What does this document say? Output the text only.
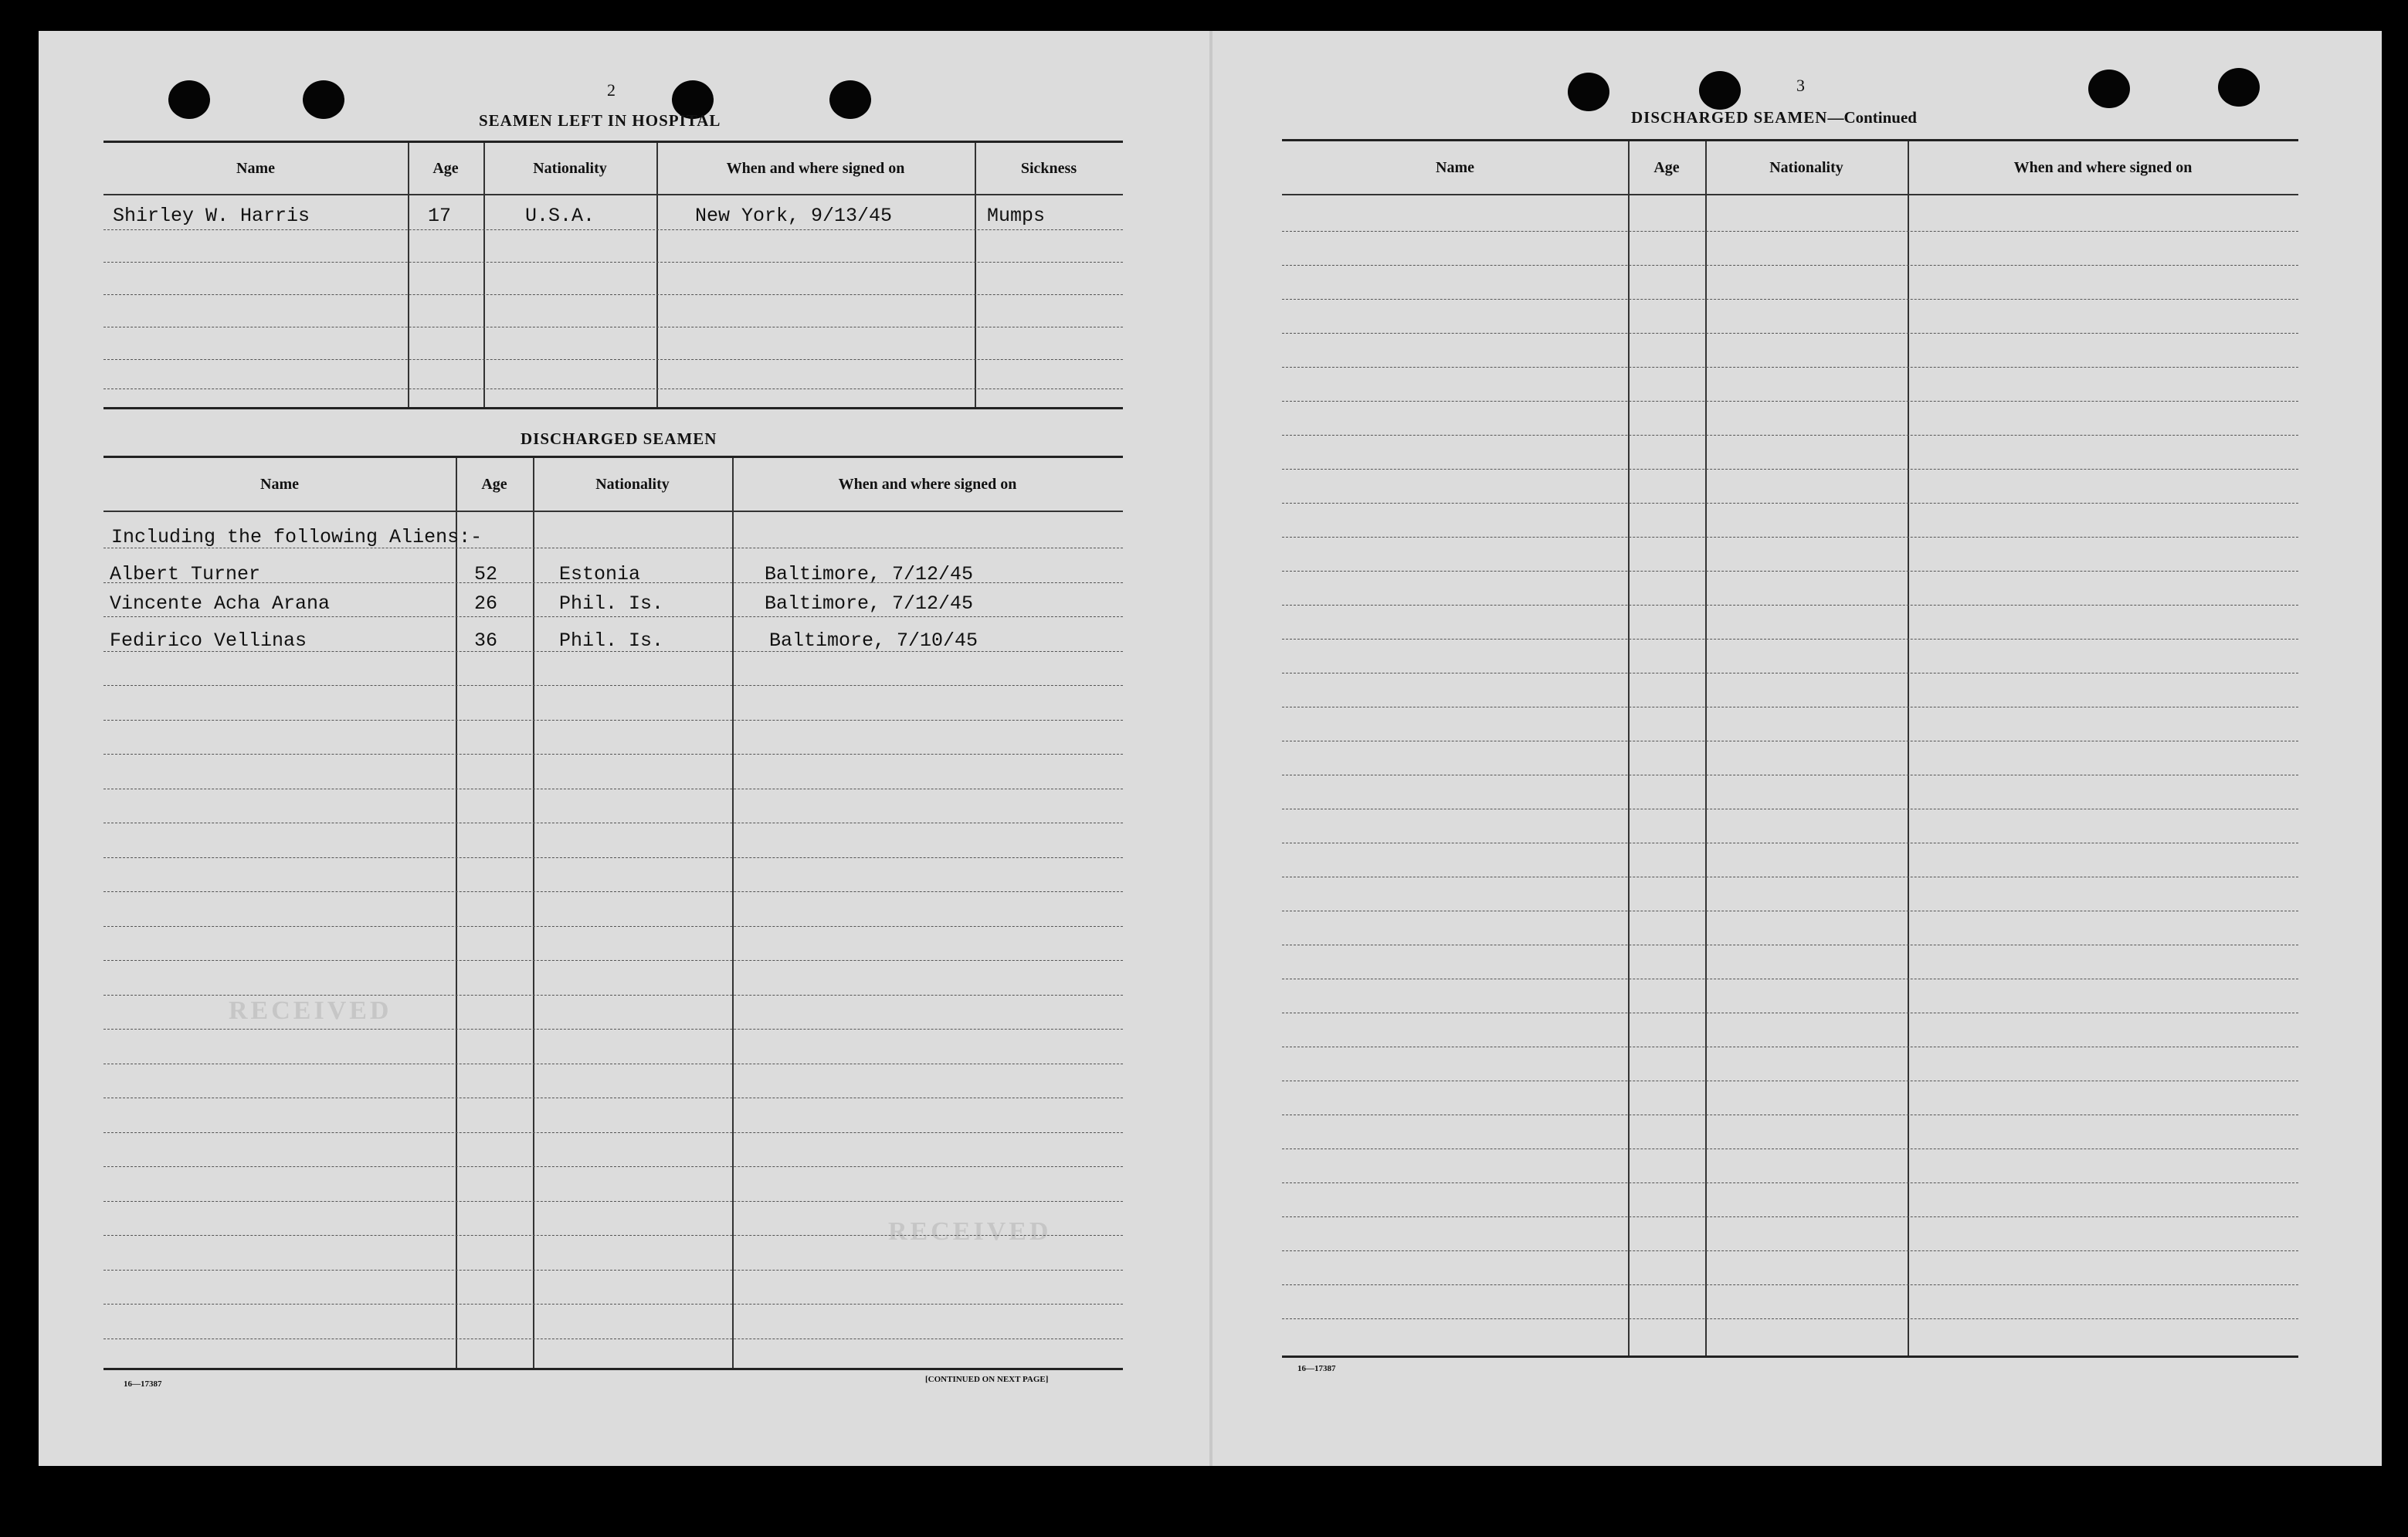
RECEIVED
RECEIVED
2
SEAMEN LEFT IN HOSPITAL
Name	Age	Nationality	When and where signed on	Sickness
Shirley W. Harris	17	U.S.A.	New York, 9/13/45	Mumps
DISCHARGED SEAMEN
Name	Age	Nationality	When and where signed on
Including the following Aliens:-
Albert Turner	52	Estonia	Baltimore, 7/12/45
Vincente Acha Arana	26	Phil. Is.	Baltimore, 7/12/45
Fedirico Vellinas	36	Phil. Is.	Baltimore, 7/10/45
16—17387	[CONTINUED ON NEXT PAGE]
3
DISCHARGED SEAMEN—Continued
Name	Age	Nationality	When and where signed on
16—17387
